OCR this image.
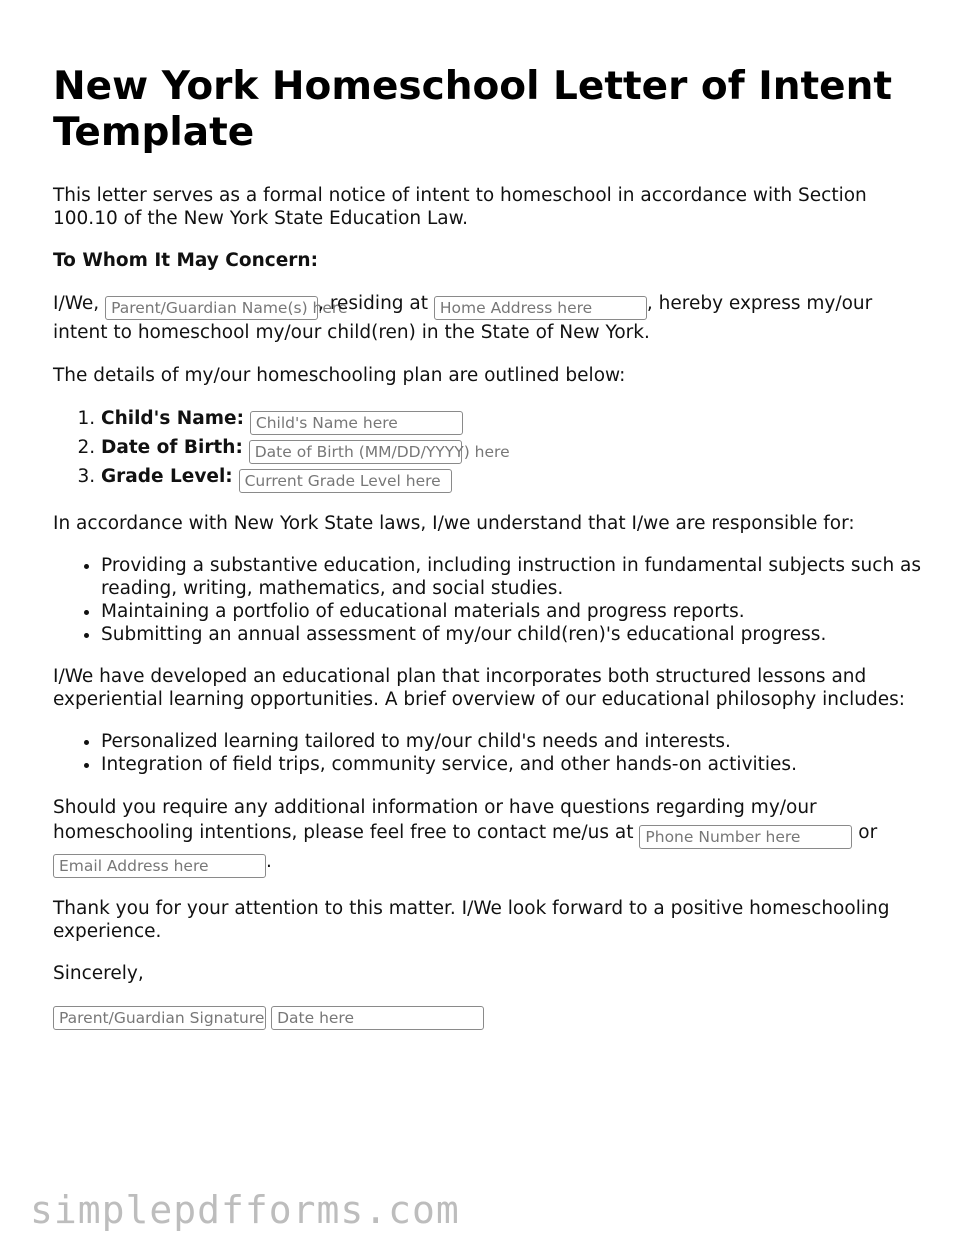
New York Homeschool Letter of Intent Template

This letter serves as a formal notice of intent to homeschool in accordance with Section 100.10 of the New York State Education Law.

To Whom It May Concern:

I/We, Parent/Guardian Name(s) here, residing at Home Address here	, hereby express my/our intent to homeschool my/our child(ren) in the State of New York.

The details of my/our homeschooling plan are outlined below:

1. Child's Name: Child's Name here
2. Date of Birth: Date of Birth (MM/DD/YYYY) here
3. Grade Level: Current Grade Level here

In accordance with New York State laws, I/we understand that I/we are responsible for:

• Providing a substantive education, including instruction in fundamental subjects such as reading, writing, mathematics, and social studies.
• Maintaining a portfolio of educational materials and progress reports.
• Submitting an annual assessment of my/our child(ren)'s educational progress.

I/We have developed an educational plan that incorporates both structured lessons and experiential learning opportunities. A brief overview of our educational philosophy includes:

• Personalized learning tailored to my/our child's needs and interests.
• Integration of field trips, community service, and other hands-on activities.

Should you require any additional information or have questions regarding my/our homeschooling intentions, please feel free to contact me/us at Phone Number here	or Email Address here	.

Thank you for your attention to this matter. I/We look forward to a positive homeschooling experience.

Sincerely,

Parent/Guardian Signature Date here
simplepdfforms.com
